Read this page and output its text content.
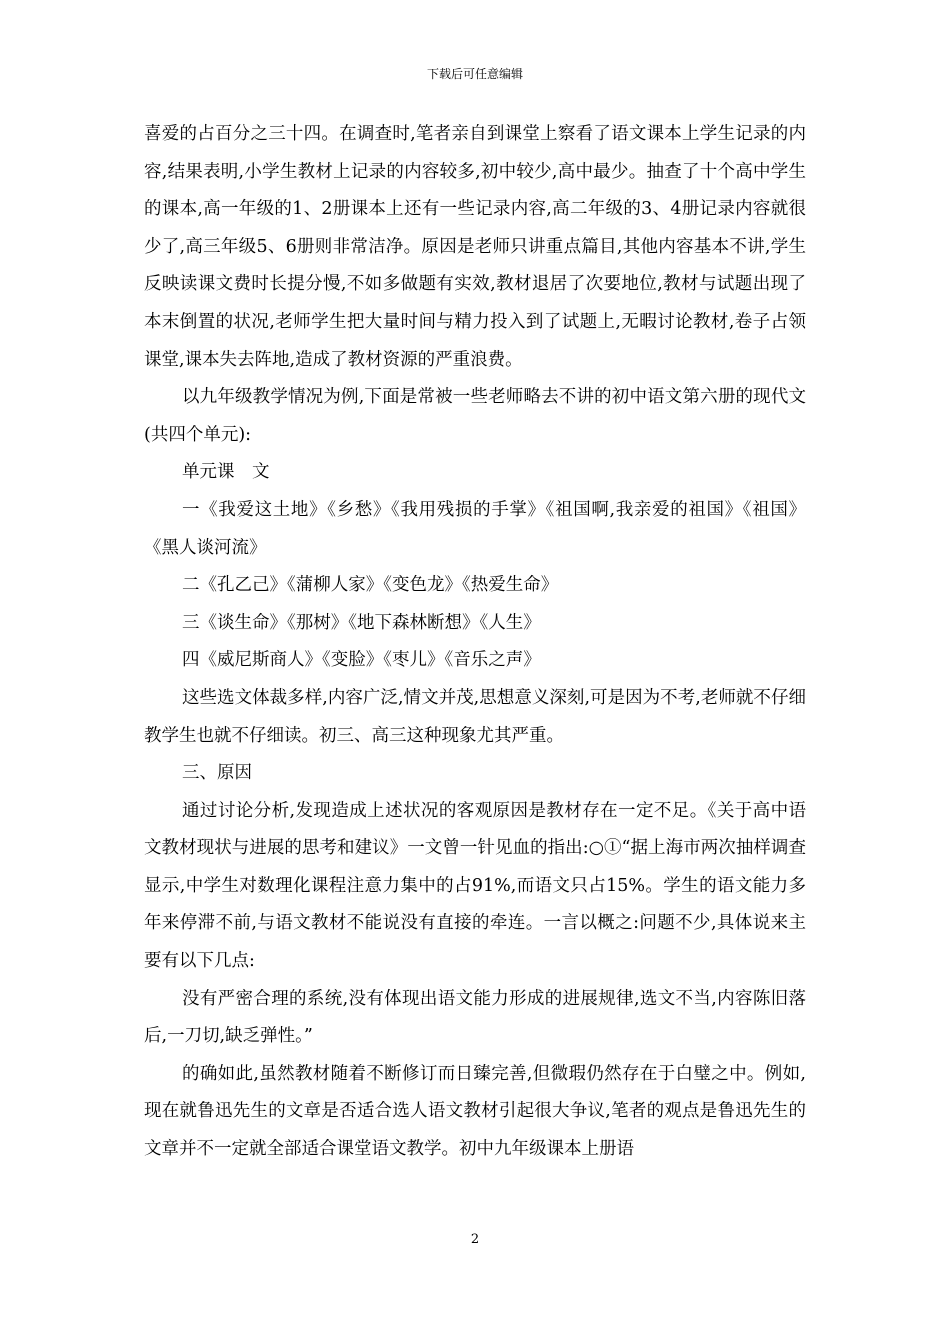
下载后可任意编辑

喜爱的占百分之三十四。在调查时,笔者亲自到课堂上察看了语文课本上学生记录的内容,结果表明,小学生教材上记录的内容较多,初中较少,高中最少。抽查了十个高中学生的课本,高一年级的1、2册课本上还有一些记录内容,高二年级的3、4册记录内容就很少了,高三年级5、6册则非常洁净。原因是老师只讲重点篇目,其他内容基本不讲,学生反映读课文费时长提分慢,不如多做题有实效,教材退居了次要地位,教材与试题出现了本末倒置的状况,老师学生把大量时间与精力投入到了试题上,无暇讨论教材,卷子占领课堂,课本失去阵地,造成了教材资源的严重浪费。

以九年级教学情况为例,下面是常被一些老师略去不讲的初中语文第六册的现代文(共四个单元):

单元课　文

一《我爱这土地》《乡愁》《我用残损的手掌》《祖国啊,我亲爱的祖国》《祖国》《黑人谈河流》

二《孔乙己》《蒲柳人家》《变色龙》《热爱生命》

三《谈生命》《那树》《地下森林断想》《人生》

四《威尼斯商人》《变脸》《枣儿》《音乐之声》

这些选文体裁多样,内容广泛,情文并茂,思想意义深刻,可是因为不考,老师就不仔细教学生也就不仔细读。初三、高三这种现象尤其严重。

三、原因

通过讨论分析,发现造成上述状况的客观原因是教材存在一定不足。《关于高中语文教材现状与进展的思考和建议》一文曾一针见血的指出:○①“据上海市两次抽样调查显示,中学生对数理化课程注意力集中的占91%,而语文只占15%。学生的语文能力多年来停滞不前,与语文教材不能说没有直接的牵连。一言以概之:问题不少,具体说来主要有以下几点:

没有严密合理的系统,没有体现出语文能力形成的进展规律,选文不当,内容陈旧落后,一刀切,缺乏弹性。”

的确如此,虽然教材随着不断修订而日臻完善,但微瑕仍然存在于白璧之中。例如,现在就鲁迅先生的文章是否适合选人语文教材引起很大争议,笔者的观点是鲁迅先生的文章并不一定就全部适合课堂语文教学。初中九年级课本上册语

2
